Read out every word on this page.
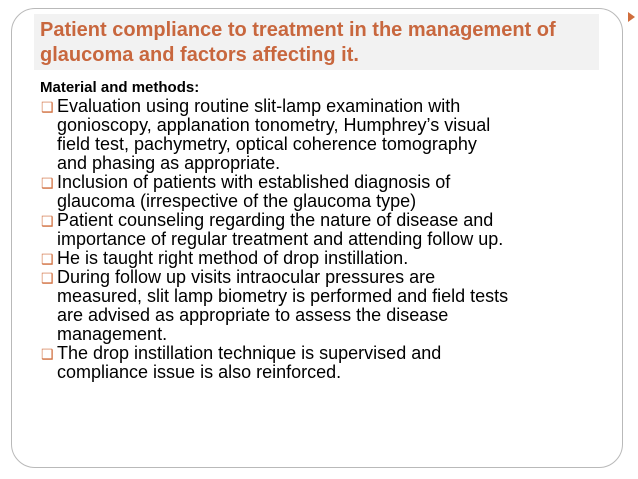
Patient compliance to treatment in the management of
glaucoma and factors affecting it.

Material and methods:

❑ Evaluation using routine slit-lamp examination with
gonioscopy, applanation tonometry, Humphrey’s visual
field test, pachymetry, optical coherence tomography
and phasing as appropriate.
❑ Inclusion of patients with established diagnosis of
glaucoma (irrespective of the glaucoma type)
❑ Patient counseling regarding the nature of disease and
importance of regular treatment and attending follow up.
❑ He is taught right method of drop instillation.
❑ During follow up visits intraocular pressures are
measured, slit lamp biometry is performed and field tests
are advised as appropriate to assess the disease
management.
❑ The drop instillation technique is supervised and
compliance issue is also reinforced.
